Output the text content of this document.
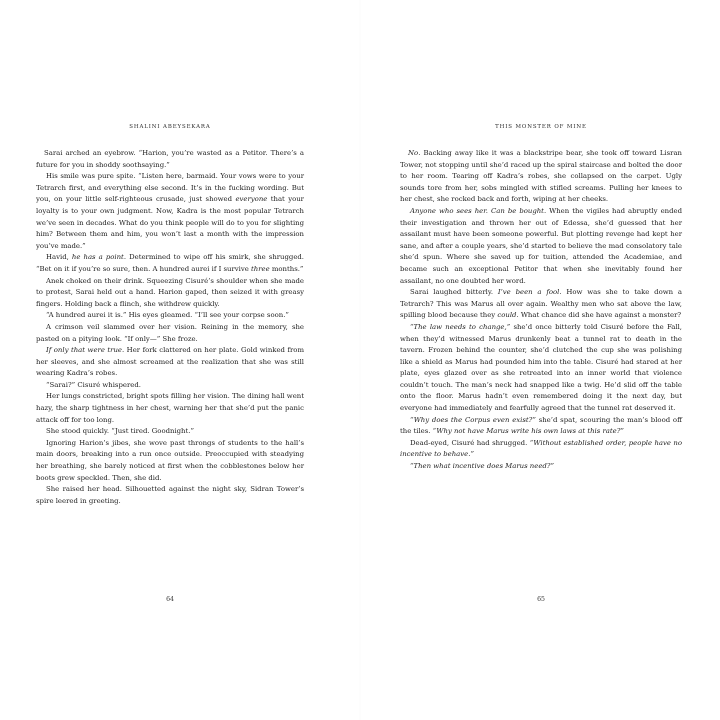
SHALINI ABEYSEKARA

Sarai arched an eyebrow. “Harion, you’re wasted as a Petitor. There’s a future for you in shoddy soothsaying.”

His smile was pure spite. “Listen here, barmaid. Your vows were to your Tetrarch first, and everything else second. It’s in the fucking wording. But you, on your little self-righteous crusade, just showed everyone that your loyalty is to your own judgment. Now, Kadra is the most popular Tetrarch we’ve seen in decades. What do you think people will do to you for slighting him? Between them and him, you won’t last a month with the impression you’ve made.”

Havid, he has a point. Determined to wipe off his smirk, she shrugged. “Bet on it if you’re so sure, then. A hundred aurei if I survive three months.”

Anek choked on their drink. Squeezing Cisuré’s shoulder when she made to protest, Sarai held out a hand. Harion gaped, then seized it with greasy fingers. Holding back a flinch, she withdrew quickly.

“A hundred aurei it is.” His eyes gleamed. “I’ll see your corpse soon.”

A crimson veil slammed over her vision. Reining in the memory, she pasted on a pitying look. “If only—” She froze.

If only that were true. Her fork clattered on her plate. Gold winked from her sleeves, and she almost screamed at the realization that she was still wearing Kadra’s robes.

“Sarai?” Cisuré whispered.

Her lungs constricted, bright spots filling her vision. The dining hall went hazy, the sharp tightness in her chest, warning her that she’d put the panic attack off for too long.

She stood quickly. “Just tired. Goodnight.”

Ignoring Harion’s jibes, she wove past throngs of students to the hall’s main doors, breaking into a run once outside. Preoccupied with steadying her breathing, she barely noticed at first when the cobblestones below her boots grew speckled. Then, she did.

She raised her head. Silhouetted against the night sky, Sidran Tower’s spire leered in greeting.

64
THIS MONSTER OF MINE

No. Backing away like it was a blackstripe bear, she took off toward Lisran Tower, not stopping until she’d raced up the spiral staircase and bolted the door to her room. Tearing off Kadra’s robes, she collapsed on the carpet. Ugly sounds tore from her, sobs mingled with stifled screams. Pulling her knees to her chest, she rocked back and forth, wiping at her cheeks.

Anyone who sees her. Can be bought. When the vigiles had abruptly ended their investigation and thrown her out of Edessa, she’d guessed that her assailant must have been someone powerful. But plotting revenge had kept her sane, and after a couple years, she’d started to believe the mad consolatory tale she’d spun. Where she saved up for tuition, attended the Academiae, and became such an exceptional Petitor that when she inevitably found her assailant, no one doubted her word.

Sarai laughed bitterly. I’ve been a fool. How was she to take down a Tetrarch? This was Marus all over again. Wealthy men who sat above the law, spilling blood because they could. What chance did she have against a monster?

“The law needs to change,” she’d once bitterly told Cisuré before the Fall, when they’d witnessed Marus drunkenly beat a tunnel rat to death in the tavern. Frozen behind the counter, she’d clutched the cup she was polishing like a shield as Marus had pounded him into the table. Cisuré had stared at her plate, eyes glazed over as she retreated into an inner world that violence couldn’t touch. The man’s neck had snapped like a twig. He’d slid off the table onto the floor. Marus hadn’t even remembered doing it the next day, but everyone had immediately and fearfully agreed that the tunnel rat deserved it.

“Why does the Corpus even exist?” she’d spat, scouring the man’s blood off the tiles. “Why not have Marus write his own laws at this rate?”

Dead-eyed, Cisuré had shrugged. “Without established order, people have no incentive to behave.”

“Then what incentive does Marus need?”

65
